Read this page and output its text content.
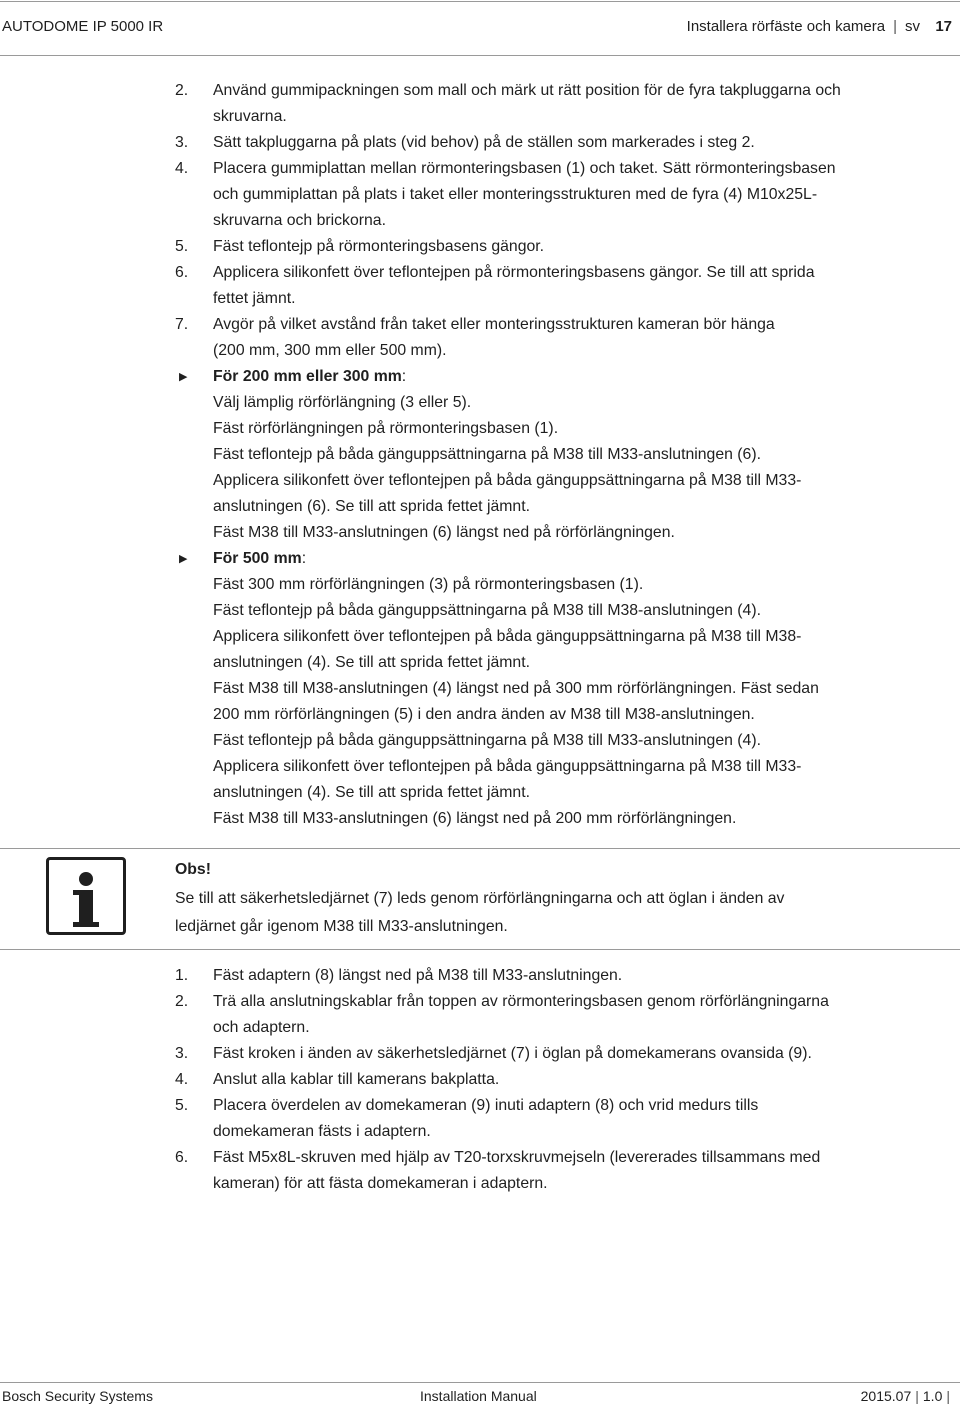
AUTODOME IP 5000 IR	Installera rörfäste och kamera | sv 17
2. Använd gummipackningen som mall och märk ut rätt position för de fyra takpluggarna och
skruvarna.
3. Sätt takpluggarna på plats (vid behov) på de ställen som markerades i steg 2.
4. Placera gummiplattan mellan rörmonteringsbasen (1) och taket. Sätt rörmonteringsbasen
och gummiplattan på plats i taket eller monteringsstrukturen med de fyra (4) M10x25L-
skruvarna och brickorna.
5. Fäst teflontejp på rörmonteringsbasens gängor.
6. Applicera silikonfett över teflontejpen på rörmonteringsbasens gängor. Se till att sprida
fettet jämnt.
7. Avgör på vilket avstånd från taket eller monteringsstrukturen kameran bör hänga
(200 mm, 300 mm eller 500 mm).
▶ För 200 mm eller 300 mm:
Välj lämplig rörförlängning (3 eller 5).
Fäst rörförlängningen på rörmonteringsbasen (1).
Fäst teflontejp på båda gänguppsättningarna på M38 till M33-anslutningen (6).
Applicera silikonfett över teflontejpen på båda gänguppsättningarna på M38 till M33-
anslutningen (6). Se till att sprida fettet jämnt.
Fäst M38 till M33-anslutningen (6) längst ned på rörförlängningen.
▶ För 500 mm:
Fäst 300 mm rörförlängningen (3) på rörmonteringsbasen (1).
Fäst teflontejp på båda gänguppsättningarna på M38 till M38-anslutningen (4).
Applicera silikonfett över teflontejpen på båda gänguppsättningarna på M38 till M38-
anslutningen (4). Se till att sprida fettet jämnt.
Fäst M38 till M38-anslutningen (4) längst ned på 300 mm rörförlängningen. Fäst sedan
200 mm rörförlängningen (5) i den andra änden av M38 till M38-anslutningen.
Fäst teflontejp på båda gänguppsättningarna på M38 till M33-anslutningen (4).
Applicera silikonfett över teflontejpen på båda gänguppsättningarna på M38 till M33-
anslutningen (4). Se till att sprida fettet jämnt.
Fäst M38 till M33-anslutningen (6) längst ned på 200 mm rörförlängningen.
Obs!
Se till att säkerhetsledjärnet (7) leds genom rörförlängningarna och att öglan i änden av
ledjärnet går igenom M38 till M33-anslutningen.
1. Fäst adaptern (8) längst ned på M38 till M33-anslutningen.
2. Trä alla anslutningskablar från toppen av rörmonteringsbasen genom rörförlängningarna
och adaptern.
3. Fäst kroken i änden av säkerhetsledjärnet (7) i öglan på domekamerans ovansida (9).
4. Anslut alla kablar till kamerans bakplatta.
5. Placera överdelen av domekameran (9) inuti adaptern (8) och vrid medurs tills
domekameran fästs i adaptern.
6. Fäst M5x8L-skruven med hjälp av T20-torxskruvmejseln (levererades tillsammans med
kameran) för att fästa domekameran i adaptern.
Bosch Security Systems	Installation Manual	2015.07 | 1.0 |
